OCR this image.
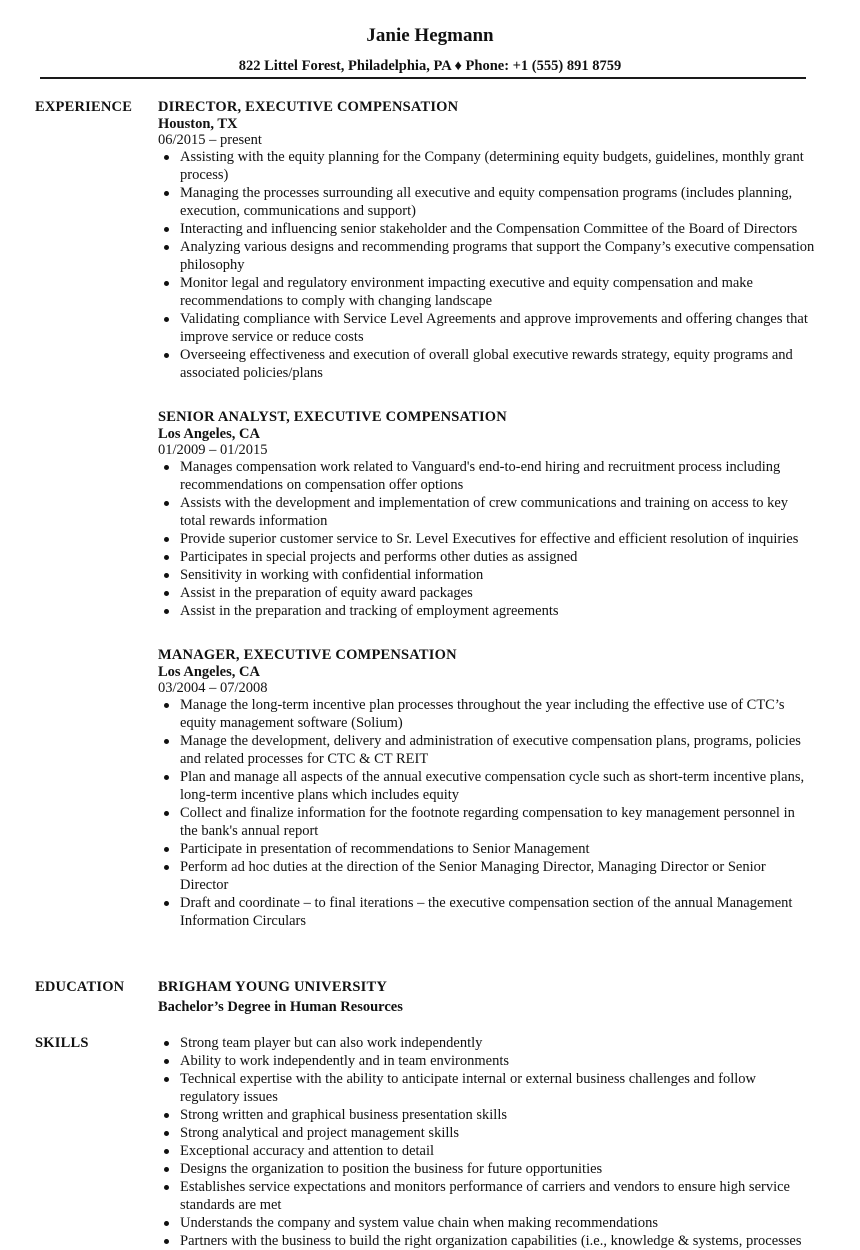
Janie Hegmann
822 Littel Forest, Philadelphia, PA ♦ Phone: +1 (555) 891 8759
EXPERIENCE	DIRECTOR, EXECUTIVE COMPENSATION
Houston, TX
06/2015 – present
Assisting with the equity planning for the Company (determining equity budgets, guidelines, monthly grant process)
Managing the processes surrounding all executive and equity compensation programs (includes planning, execution, communications and support)
Interacting and influencing senior stakeholder and the Compensation Committee of the Board of Directors
Analyzing various designs and recommending programs that support the Company’s executive compensation philosophy
Monitor legal and regulatory environment impacting executive and equity compensation and make recommendations to comply with changing landscape
Validating compliance with Service Level Agreements and approve improvements and offering changes that improve service or reduce costs
Overseeing effectiveness and execution of overall global executive rewards strategy, equity programs and associated policies/plans
SENIOR ANALYST, EXECUTIVE COMPENSATION
Los Angeles, CA
01/2009 – 01/2015
Manages compensation work related to Vanguard's end-to-end hiring and recruitment process including recommendations on compensation offer options
Assists with the development and implementation of crew communications and training on access to key total rewards information
Provide superior customer service to Sr. Level Executives for effective and efficient resolution of inquiries
Participates in special projects and performs other duties as assigned
Sensitivity in working with confidential information
Assist in the preparation of equity award packages
Assist in the preparation and tracking of employment agreements
MANAGER, EXECUTIVE COMPENSATION
Los Angeles, CA
03/2004 – 07/2008
Manage the long-term incentive plan processes throughout the year including the effective use of CTC’s equity management software (Solium)
Manage the development, delivery and administration of executive compensation plans, programs, policies and related processes for CTC & CT REIT
Plan and manage all aspects of the annual executive compensation cycle such as short-term incentive plans, long-term incentive plans which includes equity
Collect and finalize information for the footnote regarding compensation to key management personnel in the bank's annual report
Participate in presentation of recommendations to Senior Management
Perform ad hoc duties at the direction of the Senior Managing Director, Managing Director or Senior Director
Draft and coordinate – to final iterations – the executive compensation section of the annual Management Information Circulars
EDUCATION	BRIGHAM YOUNG UNIVERSITY
Bachelor’s Degree in Human Resources
SKILLS	Strong team player but can also work independently
Ability to work independently and in team environments
Technical expertise with the ability to anticipate internal or external business challenges and follow regulatory issues
Strong written and graphical business presentation skills
Strong analytical and project management skills
Exceptional accuracy and attention to detail
Designs the organization to position the business for future opportunities
Establishes service expectations and monitors performance of carriers and vendors to ensure high service standards are met
Understands the company and system value chain when making recommendations
Partners with the business to build the right organization capabilities (i.e., knowledge & systems, processes
